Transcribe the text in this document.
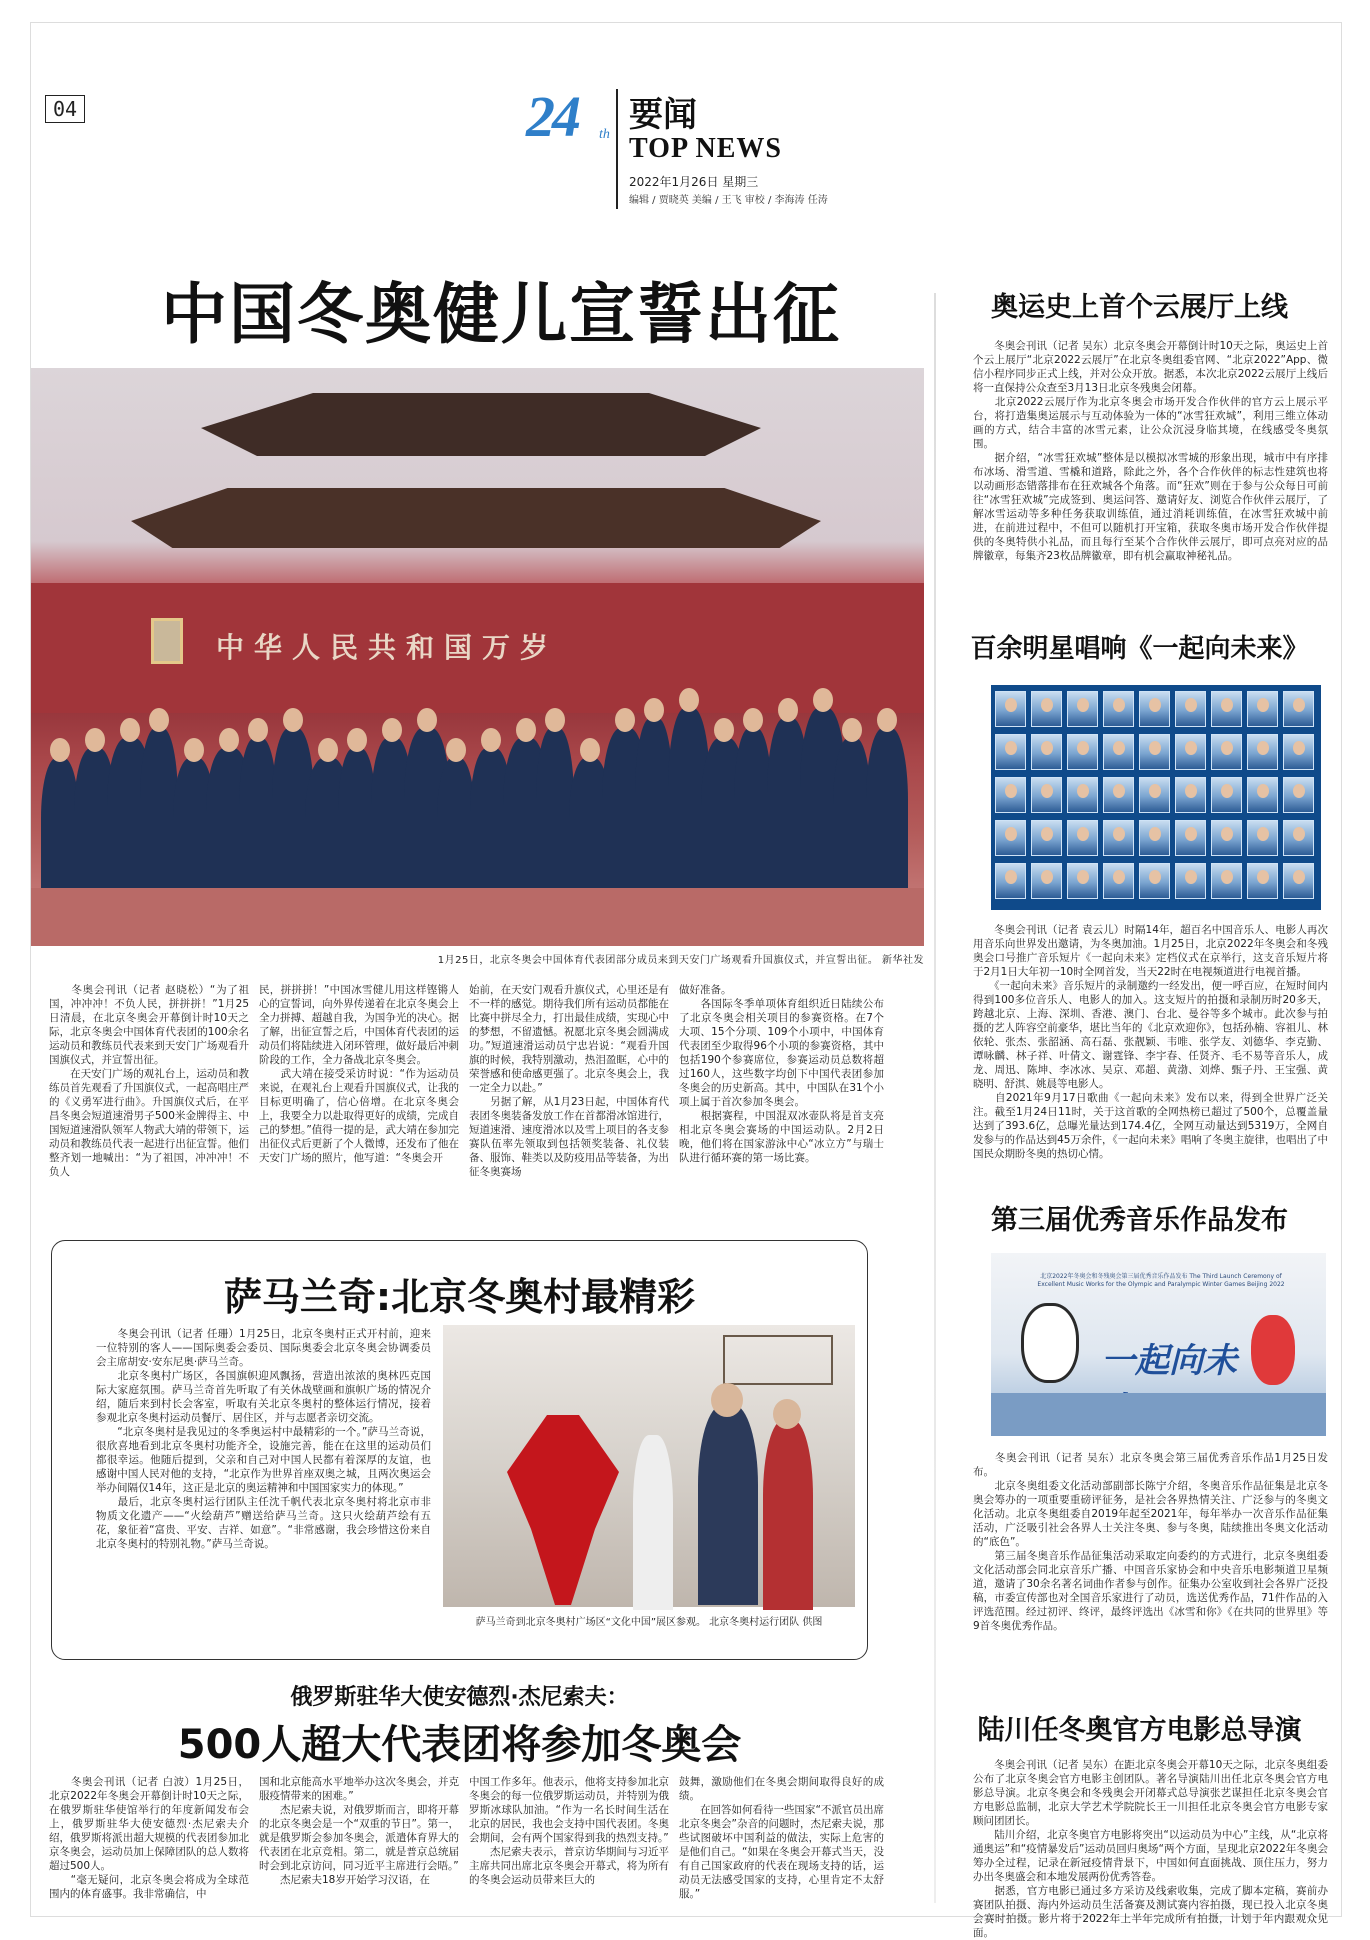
04	24 th 要闻
TOP NEWS
2022年1月26日 星期三
编辑 / 贾晓英 美编 / 王飞 审校 / 李海涛 任涛
中国冬奥健儿宣誓出征
中华人民共和国万岁
1月25日，北京冬奥会中国体育代表团部分成员来到天安门广场观看升国旗仪式，并宣誓出征。 新华社发
　　冬奥会刊讯（记者 赵晓松）“为了祖国，冲冲冲！不负人民，拼拼拼！”1月25日清晨，在北京冬奥会开幕倒计时10天之际，北京冬奥会中国体育代表团的100余名运动员和教练员代表来到天安门广场观看升国旗仪式，并宣誓出征。
　　在天安门广场的观礼台上，运动员和教练员首先观看了升国旗仪式，一起高唱庄严的《义勇军进行曲》。升国旗仪式后，在平昌冬奥会短道速滑男子500米金牌得主、中国短道速滑队领军人物武大靖的带领下，运动员和教练员代表一起进行出征宣誓。他们整齐划一地喊出：“为了祖国，冲冲冲！不负人
民，拼拼拼！”中国冰雪健儿用这样铿锵人心的宣誓词，向外界传递着在北京冬奥会上全力拼搏、超越自我，为国争光的决心。据了解，出征宣誓之后，中国体育代表团的运动员们将陆续进入闭环管理，做好最后冲刺阶段的工作，全力备战北京冬奥会。
　　武大靖在接受采访时说：“作为运动员来说，在观礼台上观看升国旗仪式，让我的目标更明确了，信心倍增。在北京冬奥会上，我要全力以赴取得更好的成绩，完成自己的梦想。”值得一提的是，武大靖在参加完出征仪式后更新了个人微博，还发布了他在天安门广场的照片，他写道：“冬奥会开
始前，在天安门观看升旗仪式，心里还是有不一样的感觉。期待我们所有运动员都能在比赛中拼尽全力，打出最佳成绩，实现心中的梦想，不留遗憾。祝愿北京冬奥会圆满成功。”短道速滑运动员宁忠岩说：“观看升国旗的时候，我特别激动，热泪盈眶，心中的荣誉感和使命感更强了。北京冬奥会上，我一定全力以赴。”
　　另据了解，从1月23日起，中国体育代表团冬奥装备发放工作在首都滑冰馆进行，短道速滑、速度滑冰以及雪上项目的各支参赛队伍率先领取到包括领奖装备、礼仪装备、服饰、鞋类以及防疫用品等装备，为出征冬奥赛场
做好准备。
　　各国际冬季单项体育组织近日陆续公布了北京冬奥会相关项目的参赛资格。在7个大项、15个分项、109个小项中，中国体育代表团至少取得96个小项的参赛资格，其中包括190个参赛席位，参赛运动员总数将超过160人，这些数字均创下中国代表团参加冬奥会的历史新高。其中，中国队在31个小项上属于首次参加冬奥会。
　　根据赛程，中国混双冰壶队将是首支亮相北京冬奥会赛场的中国运动队。2月2日晚，他们将在国家游泳中心“冰立方”与瑞士队进行循环赛的第一场比赛。
萨马兰奇:北京冬奥村最精彩
　　冬奥会刊讯（记者 任珊）1月25日，北京冬奥村正式开村前，迎来一位特别的客人——国际奥委会委员、国际奥委会北京冬奥会协调委员会主席胡安·安东尼奥·萨马兰奇。
　　北京冬奥村广场区，各国旗帜迎风飘扬，营造出浓浓的奥林匹克国际大家庭氛围。萨马兰奇首先听取了有关休战壁画和旗帜广场的情况介绍，随后来到村长会客室，听取有关北京冬奥村的整体运行情况，接着参观北京冬奥村运动员餐厅、居住区，并与志愿者亲切交流。
　　“北京冬奥村是我见过的冬季奥运村中最精彩的一个。”萨马兰奇说，很欣喜地看到北京冬奥村功能齐全，设施完善，能在在这里的运动员们都很幸运。他随后提到，父亲和自己对中国人民都有着深厚的友谊，也感谢中国人民对他的支持，“北京作为世界首座双奥之城，且两次奥运会举办间隔仅14年，这正是北京的奥运精神和中国国家实力的体现。”
　　最后，北京冬奥村运行团队主任沈千帆代表北京冬奥村将北京市非物质文化遗产——“火绘葫芦”赠送给萨马兰奇。这只火绘葫芦绘有五花，象征着“富贵、平安、吉祥、如意”。“非常感谢，我会珍惜这份来自北京冬奥村的特别礼物。”萨马兰奇说。
萨马兰奇到北京冬奥村广场区“文化中国”展区参观。 北京冬奥村运行团队 供图
俄罗斯驻华大使安德烈·杰尼索夫：
500人超大代表团将参加冬奥会
　　冬奥会刊讯（记者 白波）1月25日，北京2022年冬奥会开幕倒计时10天之际，在俄罗斯驻华使馆举行的年度新闻发布会上，俄罗斯驻华大使安德烈·杰尼索夫介绍，俄罗斯将派出超大规模的代表团参加北京冬奥会，运动员加上保障团队的总人数将超过500人。
　　“毫无疑问，北京冬奥会将成为全球范围内的体育盛事。我非常确信，中
国和北京能高水平地举办这次冬奥会，并克服疫情带来的困难。”
　　杰尼索夫说，对俄罗斯而言，即将开幕的北京冬奥会是一个“双重的节日”。第一，就是俄罗斯会参加冬奥会，派遣体育界大的代表团在北京竞相。第二，就是普京总统届时会到北京访问，同习近平主席进行会晤。”
　　杰尼索夫18岁开始学习汉语，在
中国工作多年。他表示，他将支持参加北京冬奥会的每一位俄罗斯运动员，并特别为俄罗斯冰球队加油。“作为一名长时间生活在北京的居民，我也会支持中国代表团。冬奥会期间，会有两个国家得到我的热烈支持。”
　　杰尼索夫表示，普京访华期间与习近平主席共同出席北京冬奥会开幕式，将为所有的冬奥会运动员带来巨大的
鼓舞，激励他们在冬奥会期间取得良好的成绩。
　　在回答如何看待一些国家“不派官员出席北京冬奥会”杂音的问题时，杰尼索夫说，那些试图破坏中国利益的做法，实际上危害的是他们自己。“如果在冬奥会开幕式当天，没有自己国家政府的代表在现场支持的话，运动员无法感受国家的支持，心里肯定不太舒服。”
奥运史上首个云展厅上线
　　冬奥会刊讯（记者 吴东）北京冬奥会开幕倒计时10天之际，奥运史上首个云上展厅“北京2022云展厅”在北京冬奥组委官网、“北京2022”App、微信小程序同步正式上线，并对公众开放。据悉，本次北京2022云展厅上线后将一直保持公众查至3月13日北京冬残奥会闭幕。
　　北京2022云展厅作为北京冬奥会市场开发合作伙伴的官方云上展示平台，将打造集奥运展示与互动体验为一体的“冰雪狂欢城”，利用三维立体动画的方式，结合丰富的冰雪元素，让公众沉浸身临其境，在线感受冬奥氛围。
　　据介绍，“冰雪狂欢城”整体是以模拟冰雪城的形象出现，城市中有序排布冰场、滑雪道、雪橇和道路，除此之外，各个合作伙伴的标志性建筑也将以动画形态错落排布在狂欢城各个角落。而“狂欢”则在于参与公众每日可前往“冰雪狂欢城”完成签到、奥运问答、邀请好友、浏览合作伙伴云展厅，了解冰雪运动等多种任务获取训练值，通过消耗训练值，在冰雪狂欢城中前进，在前进过程中，不但可以随机打开宝箱，获取冬奥市场开发合作伙伴提供的冬奥特供小礼品，而且每行至某个合作伙伴云展厅，即可点亮对应的品牌徽章，每集齐23枚品牌徽章，即有机会赢取神秘礼品。
百余明星唱响《一起向未来》
　　冬奥会刊讯（记者 袁云儿）时隔14年，超百名中国音乐人、电影人再次用音乐向世界发出邀请，为冬奥加油。1月25日，北京2022年冬奥会和冬残奥会口号推广音乐短片《一起向未来》定档仪式在京举行，这支音乐短片将于2月1日大年初一10时全网首发，当天22时在电视频道进行电视首播。
　　《一起向未来》音乐短片的录制邀约一经发出，便一呼百应，在短时间内得到100多位音乐人、电影人的加入。这支短片的拍摄和录制历时20多天，跨越北京、上海、深圳、香港、澳门、台北、曼谷等多个城市。此次参与拍摄的艺人阵容空前豪华，堪比当年的《北京欢迎你》，包括孙楠、容祖儿、林依轮、张杰、张韶涵、高石磊、张靓颖、韦唯、张学友、刘德华、李克勤、谭咏麟、林子祥、叶倩文、谢霆锋、李宇春、任贤齐、毛不易等音乐人，成龙、周迅、陈坤、李冰冰、吴京、邓超、黄渤、刘烨、甄子丹、王宝强、黄晓明、舒淇、姚晨等电影人。
　　自2021年9月17日歌曲《一起向未来》发布以来，得到全世界广泛关注。截至1月24日11时，关于这首歌的全网热榜已超过了500个，总覆盖量达到了393.6亿，总曝光量达到174.4亿，全网互动量达到5319万，全网自发参与的作品达到45万余件，《一起向未来》唱响了冬奥主旋律，也唱出了中国民众期盼冬奥的热切心情。
第三届优秀音乐作品发布
北京2022年冬奥会和冬残奥会第三届优秀音乐作品发布 The Third Launch Ceremony of Excellent Music Works for the Olympic and Paralympic Winter Games Beijing 2022
一起向未
　　冬奥会刊讯（记者 吴东）北京冬奥会第三届优秀音乐作品1月25日发布。
　　北京冬奥组委文化活动部副部长陈宁介绍，冬奥音乐作品征集是北京冬奥会筹办的一项重要重磅评征务，是社会各界热情关注、广泛参与的冬奥文化活动。北京冬奥组委自2019年起至2021年，每年举办一次音乐作品征集活动，广泛吸引社会各界人士关注冬奥、参与冬奥，陆续推出冬奥文化活动的“底色”。
　　第三届冬奥音乐作品征集活动采取定向委约的方式进行，北京冬奥组委文化活动部会同北京音乐广播、中国音乐家协会和中央音乐电影频道卫星频道，邀请了30余名著名词曲作者参与创作。征集办公室收到社会各界广泛投稿，市委宣传部也对全国音乐家进行了动员，选送优秀作品，71件作品的入评选范围。经过初评、终评，最终评选出《冰雪和你》《在共同的世界里》等9首冬奥优秀作品。
陆川任冬奥官方电影总导演
　　冬奥会刊讯（记者 吴东）在距北京冬奥会开幕10天之际，北京冬奥组委公布了北京冬奥会官方电影主创团队。著名导演陆川出任北京冬奥会官方电影总导演。北京冬奥会和冬残奥会开闭幕式总导演张艺谋担任北京冬奥会官方电影总监制，北京大学艺术学院院长王一川担任北京冬奥会官方电影专家顾问团团长。
　　陆川介绍，北京冬奥官方电影将突出“以运动员为中心”主线，从“北京将通奥运”和“疫情暴发后”运动员回归奥场“两个方面，呈现北京2022年冬奥会筹办全过程，记录在新冠疫情背景下，中国如何直面挑战、顶住压力，努力办出冬奥盛会和本地发展两份优秀答卷。
　　据悉，官方电影已通过多方采访及线索收集，完成了脚本定稿，赛前办赛团队拍摄、海内外运动员生活备赛及测试赛内容拍摄，现已投入北京冬奥会赛时拍摄。影片将于2022年上半年完成所有拍摄，计划于年内跟观众见面。
